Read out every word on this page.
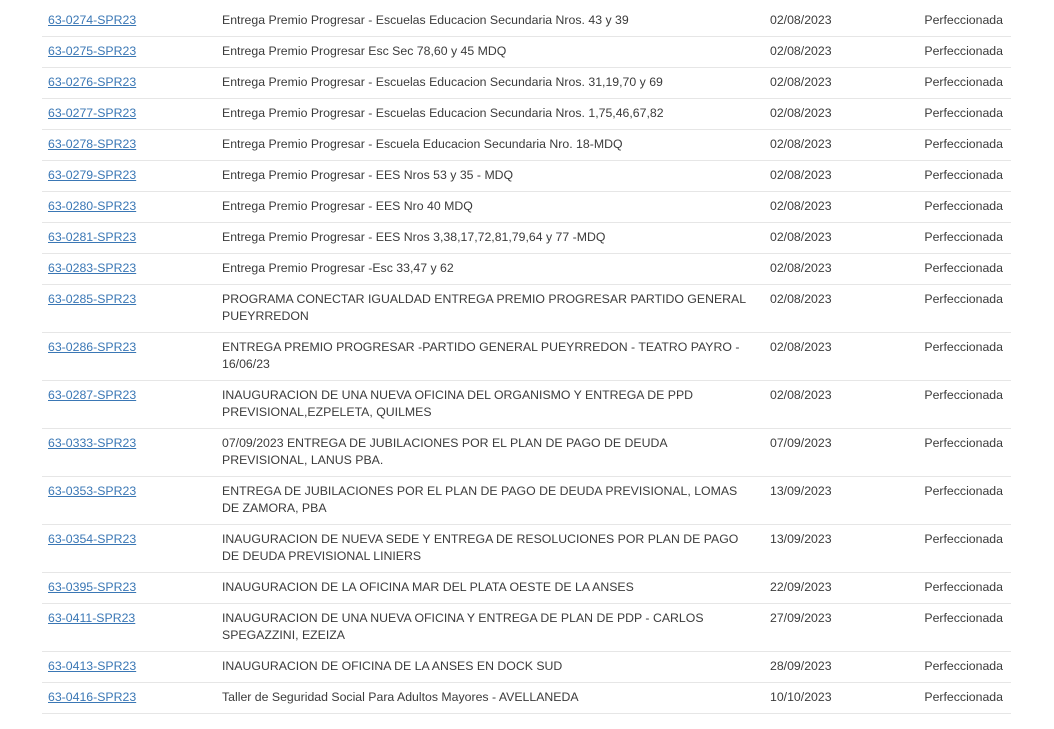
63-0274-SPR23	Entrega Premio Progresar - Escuelas Educacion Secundaria Nros. 43 y 39	02/08/2023	Perfeccionada
63-0275-SPR23	Entrega Premio Progresar Esc Sec 78,60 y 45 MDQ	02/08/2023	Perfeccionada
63-0276-SPR23	Entrega Premio Progresar - Escuelas Educacion Secundaria Nros. 31,19,70 y 69	02/08/2023	Perfeccionada
63-0277-SPR23	Entrega Premio Progresar - Escuelas Educacion Secundaria Nros. 1,75,46,67,82	02/08/2023	Perfeccionada
63-0278-SPR23	Entrega Premio Progresar - Escuela Educacion Secundaria Nro. 18-MDQ	02/08/2023	Perfeccionada
63-0279-SPR23	Entrega Premio Progresar - EES Nros 53 y 35 - MDQ	02/08/2023	Perfeccionada
63-0280-SPR23	Entrega Premio Progresar - EES Nro 40 MDQ	02/08/2023	Perfeccionada
63-0281-SPR23	Entrega Premio Progresar - EES Nros 3,38,17,72,81,79,64 y 77 -MDQ	02/08/2023	Perfeccionada
63-0283-SPR23	Entrega Premio Progresar -Esc 33,47 y 62	02/08/2023	Perfeccionada
63-0285-SPR23	PROGRAMA CONECTAR IGUALDAD ENTREGA PREMIO PROGRESAR PARTIDO GENERAL PUEYRREDON	02/08/2023	Perfeccionada
63-0286-SPR23	ENTREGA PREMIO PROGRESAR -PARTIDO GENERAL PUEYRREDON - TEATRO PAYRO - 16/06/23	02/08/2023	Perfeccionada
63-0287-SPR23	INAUGURACION DE UNA NUEVA OFICINA DEL ORGANISMO Y ENTREGA DE PPD PREVISIONAL,EZPELETA, QUILMES	02/08/2023	Perfeccionada
63-0333-SPR23	07/09/2023 ENTREGA DE JUBILACIONES POR EL PLAN DE PAGO DE DEUDA PREVISIONAL, LANUS PBA.	07/09/2023	Perfeccionada
63-0353-SPR23	ENTREGA DE JUBILACIONES POR EL PLAN DE PAGO DE DEUDA PREVISIONAL, LOMAS DE ZAMORA, PBA	13/09/2023	Perfeccionada
63-0354-SPR23	INAUGURACION DE NUEVA SEDE Y ENTREGA DE RESOLUCIONES POR PLAN DE PAGO DE DEUDA PREVISIONAL LINIERS	13/09/2023	Perfeccionada
63-0395-SPR23	INAUGURACION DE LA OFICINA MAR DEL PLATA OESTE DE LA ANSES	22/09/2023	Perfeccionada
63-0411-SPR23	INAUGURACION DE UNA NUEVA OFICINA Y ENTREGA DE PLAN DE PDP - CARLOS SPEGAZZINI, EZEIZA	27/09/2023	Perfeccionada
63-0413-SPR23	INAUGURACION DE OFICINA DE LA ANSES EN DOCK SUD	28/09/2023	Perfeccionada
63-0416-SPR23	Taller de Seguridad Social Para Adultos Mayores - AVELLANEDA	10/10/2023	Perfeccionada
